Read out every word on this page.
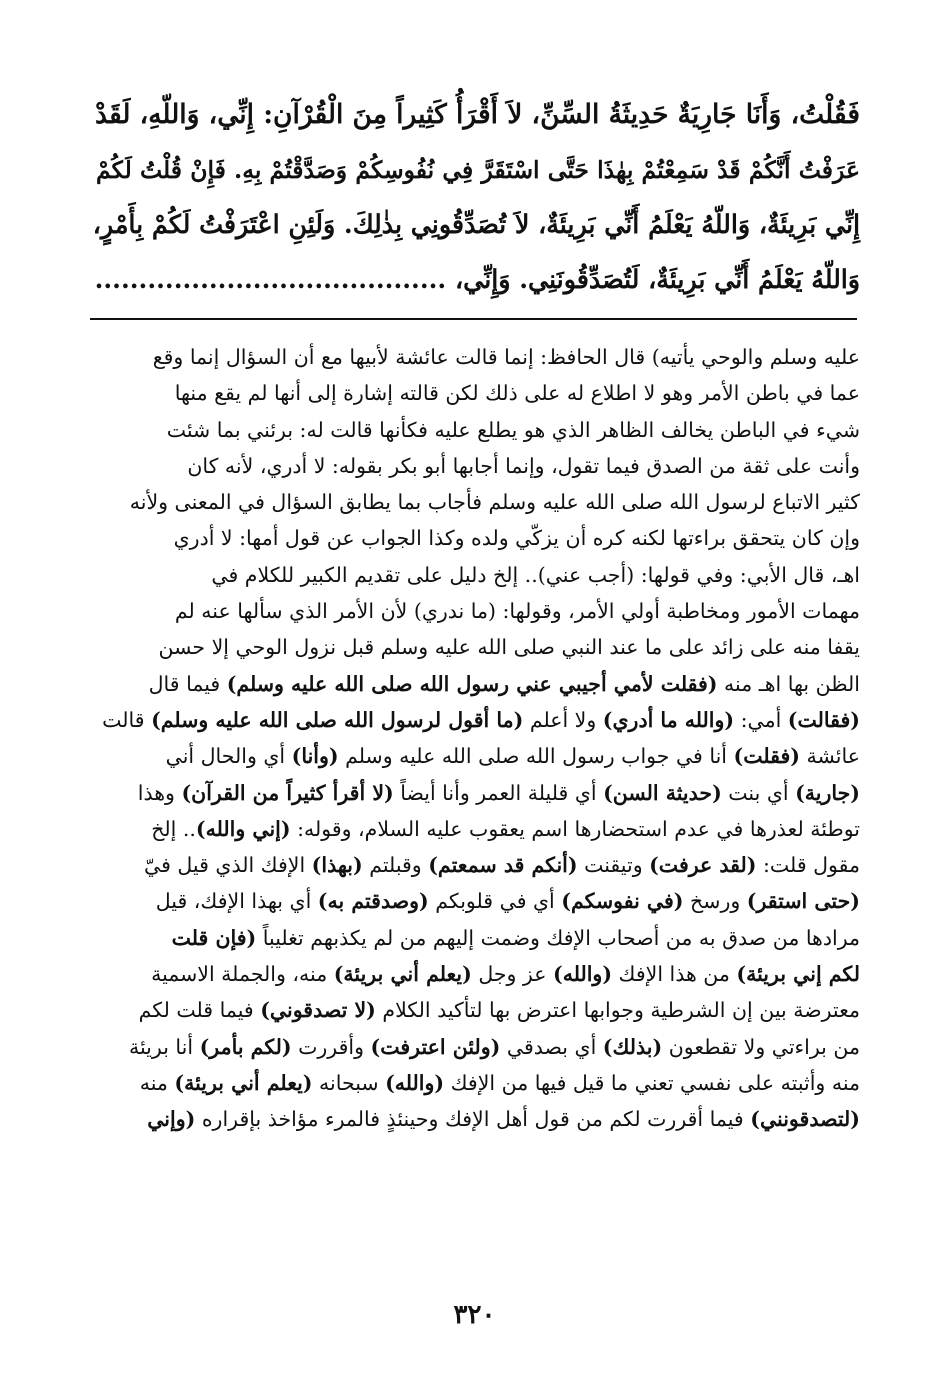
فَقُلْتُ، وَأَنَا جَارِيَةٌ حَدِيثَةُ السِّنِّ، لاَ أَقْرَأُ كَثِيراً مِنَ الْقُرْآنِ: إِنِّي، وَاللّهِ، لَقَدْ

عَرَفْتُ أَنَّكُمْ قَدْ سَمِعْتُمْ بِهٰذَا حَتَّى اسْتَقَرَّ فِي نُفُوسِكُمْ وَصَدَّقْتُمْ بِهِ. فَإِنْ قُلْتُ لَكُمْ

إِنِّي بَرِيئَةٌ، وَاللّهُ يَعْلَمُ أَنِّي بَرِيئَةٌ، لاَ تُصَدِّقُونِي بِذٰلِكَ. وَلَئِنِ اعْتَرَفْتُ لَكُمْ بِأَمْرٍ،

وَاللّهُ يَعْلَمُ أَنِّي بَرِيئَةٌ، لَتُصَدِّقُونَنِي. وَإِنِّي، ........................................

عليه وسلم والوحي يأتيه) قال الحافظ: إنما قالت عائشة لأبيها مع أن السؤال إنما وقع

عما في باطن الأمر وهو لا اطلاع له على ذلك لكن قالته إشارة إلى أنها لم يقع منها

شيء في الباطن يخالف الظاهر الذي هو يطلع عليه فكأنها قالت له: برئني بما شئت

وأنت على ثقة من الصدق فيما تقول، وإنما أجابها أبو بكر بقوله: لا أدري، لأنه كان

كثير الاتباع لرسول الله صلى الله عليه وسلم فأجاب بما يطابق السؤال في المعنى ولأنه

وإن كان يتحقق براءتها لكنه كره أن يزكّي ولده وكذا الجواب عن قول أمها: لا أدري

اهـ، قال الأبي: وفي قولها: (أجب عني).. إلخ دليل على تقديم الكبير للكلام في

مهمات الأمور ومخاطبة أولي الأمر، وقولها: (ما ندري) لأن الأمر الذي سألها عنه لم

يقفا منه على زائد على ما عند النبي صلى الله عليه وسلم قبل نزول الوحي إلا حسن

الظن بها اهـ منه (فقلت لأمي أجيبي عني رسول الله صلى الله عليه وسلم) فيما قال

(فقالت) أمي: (والله ما أدري) ولا أعلم (ما أقول لرسول الله صلى الله عليه وسلم) قالت

عائشة (فقلت) أنا في جواب رسول الله صلى الله عليه وسلم (وأنا) أي والحال أني

(جارية) أي بنت (حديثة السن) أي قليلة العمر وأنا أيضاً (لا أقرأ كثيراً من القرآن) وهذا

توطئة لعذرها في عدم استحضارها اسم يعقوب عليه السلام، وقوله: (إني والله).. إلخ

مقول قلت: (لقد عرفت) وتيقنت (أنكم قد سمعتم) وقبلتم (بهذا) الإفك الذي قيل فيّ

(حتى استقر) ورسخ (في نفوسكم) أي في قلوبكم (وصدقتم به) أي بهذا الإفك، قيل

مرادها من صدق به من أصحاب الإفك وضمت إليهم من لم يكذبهم تغليباً (فإن قلت

لكم إني بريئة) من هذا الإفك (والله) عز وجل (يعلم أني بريئة) منه، والجملة الاسمية

معترضة بين إن الشرطية وجوابها اعترض بها لتأكيد الكلام (لا تصدقوني) فيما قلت لكم

من براءتي ولا تقطعون (بذلك) أي بصدقي (ولئن اعترفت) وأقررت (لكم بأمر) أنا بريئة

منه وأثبته على نفسي تعني ما قيل فيها من الإفك (والله) سبحانه (يعلم أني بريئة) منه

(لتصدقونني) فيما أقررت لكم من قول أهل الإفك وحينئذٍ فالمرء مؤاخذ بإقراره (وإني

٣٢٠
